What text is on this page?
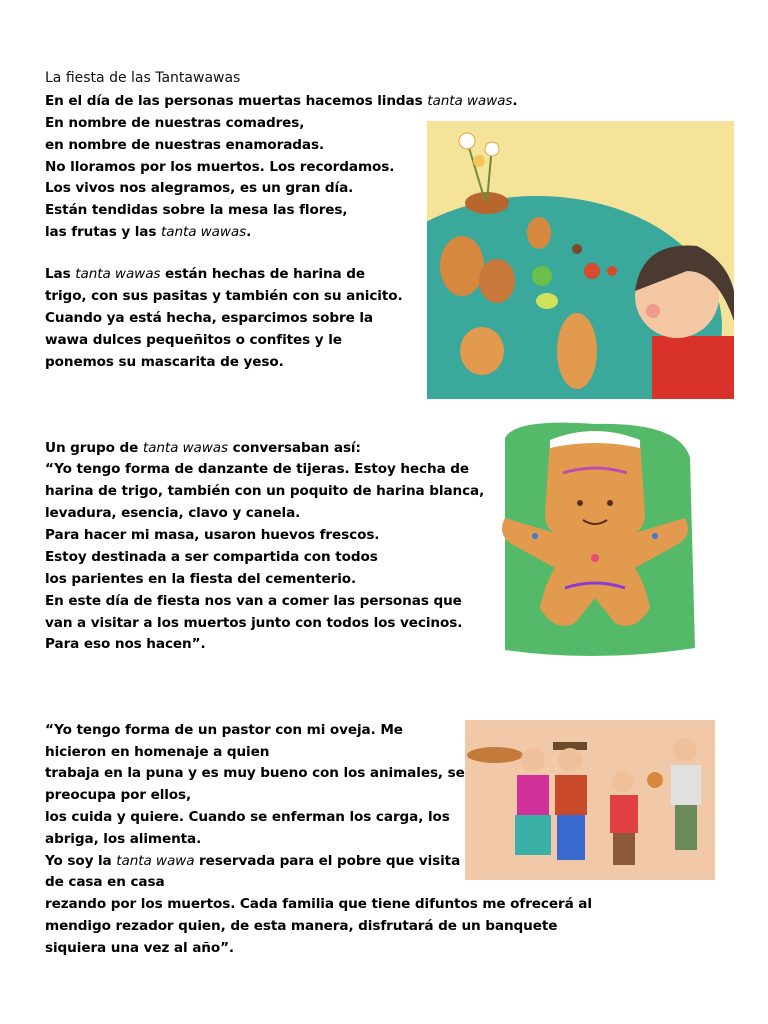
La fiesta de las Tantawawas
En el día de las personas muertas hacemos lindas tanta wawas.
En nombre de nuestras comadres,
en nombre de nuestras enamoradas.
No lloramos por los muertos. Los recordamos.
Los vivos nos alegramos, es un gran día.
Están tendidas sobre la mesa las flores,
las frutas y las tanta wawas.
Las tanta wawas están hechas de harina de
trigo, con sus pasitas y también con su anicito.
Cuando ya está hecha, esparcimos sobre la
wawa dulces pequeñitos o confites y le
ponemos su mascarita de yeso.
Un grupo de tanta wawas conversaban así:
“Yo tengo forma de danzante de tijeras. Estoy hecha de
harina de trigo, también con un poquito de harina blanca,
levadura, esencia, clavo y canela.
Para hacer mi masa, usaron huevos frescos.
Estoy destinada a ser compartida con todos
los parientes en la fiesta del cementerio.
En este día de fiesta nos van a comer las personas que
van a visitar a los muertos junto con todos los vecinos.
Para eso nos hacen”.
“Yo tengo forma de un pastor con mi oveja. Me
hicieron en homenaje a quien
trabaja en la puna y es muy bueno con los animales, se
preocupa por ellos,
los cuida y quiere. Cuando se enferman los carga, los
abriga, los alimenta.
Yo soy la tanta wawa reservada para el pobre que visita
de casa en casa
rezando por los muertos. Cada familia que tiene difuntos me ofrecerá al
mendigo rezador quien, de esta manera, disfrutará de un banquete
siquiera una vez al año”.
